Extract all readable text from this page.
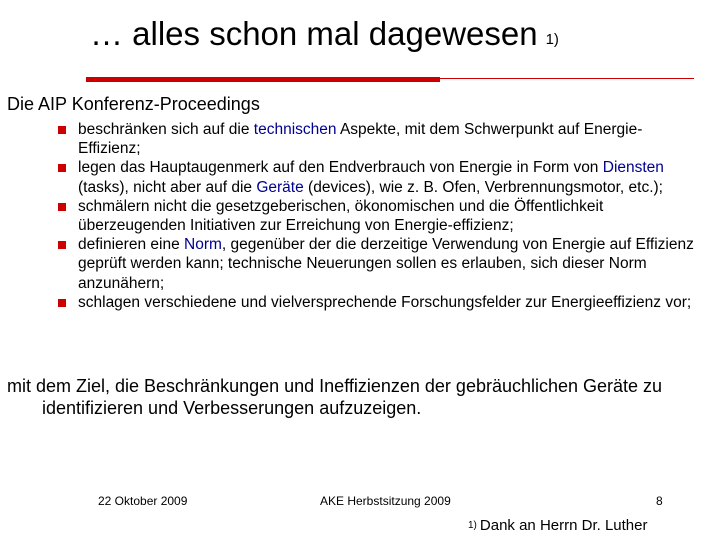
… alles schon mal dagewesen $^{1)}$
Die AIP Konferenz-Proceedings
beschränken sich auf die technischen Aspekte, mit dem Schwerpunkt auf Energie-Effizienz;
legen das Hauptaugenmerk auf den Endverbrauch von Energie in Form von Diensten (tasks), nicht aber auf die Geräte (devices), wie z. B. Ofen, Verbrennungsmotor, etc.);
schmälern nicht die gesetzgeberischen, ökonomischen und die Öffentlichkeit überzeugenden Initiativen zur Erreichung von Energie-effizienz;
definieren eine Norm, gegenüber der die derzeitige Verwendung von Energie auf Effizienz geprüft werden kann; technische Neuerungen sollen es erlauben, sich dieser Norm anzunähern;
schlagen verschiedene und vielversprechende Forschungsfelder zur Energieeffizienz vor;
mit dem Ziel, die Beschränkungen und Ineffizienzen der gebräuchlichen Geräte zu identifizieren und Verbesserungen aufzuzeigen.
22 Oktober 2009	AKE Herbstsitzung 2009	8
$^{1)}$ Dank an Herrn Dr. Luther
